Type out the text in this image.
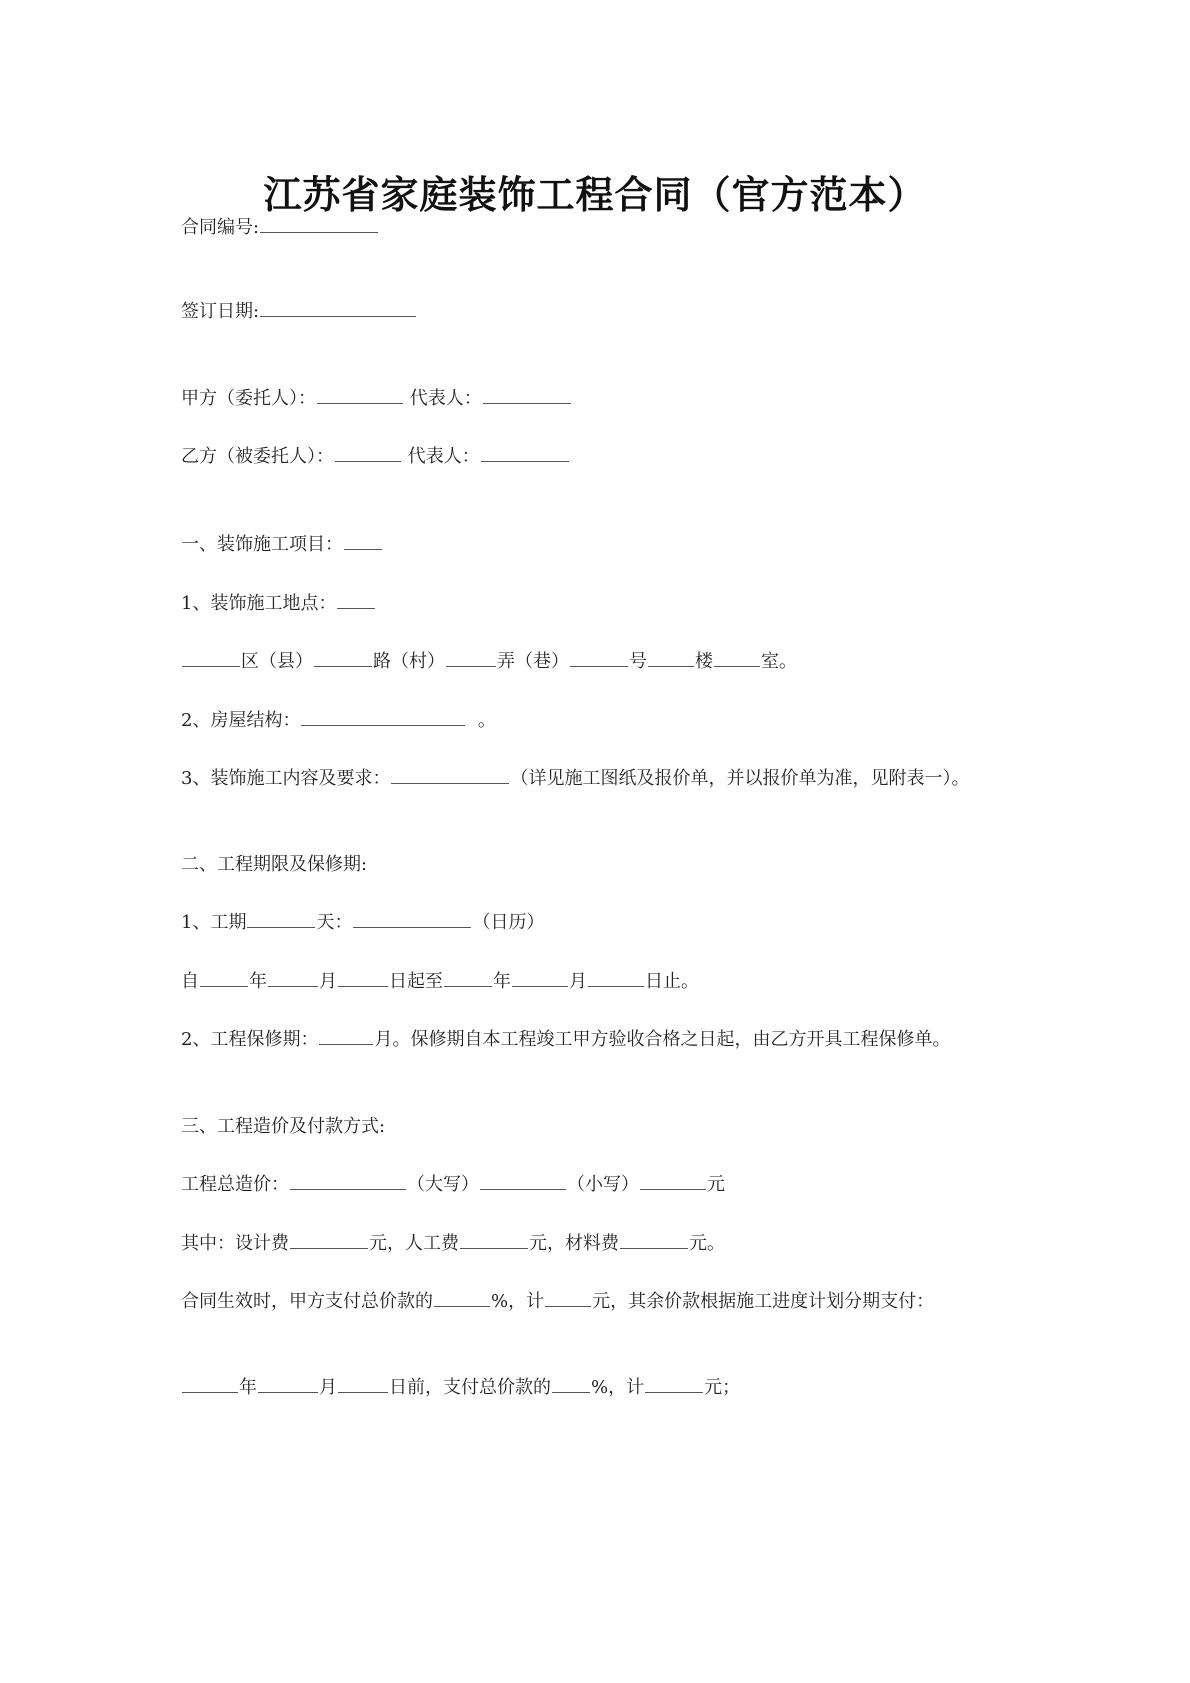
江苏省家庭装饰工程合同（官方范本）
合同编号:
签订日期:
甲方（委托人）：	代表人：
乙方（被委托人）：	代表人：
一、装饰施工项目：
1、装饰施工地点：
区（县）	路（村）	弄（巷）	号	楼	室。
2、房屋结构：	。
3、装饰施工内容及要求：	（详见施工图纸及报价单，并以报价单为准，见附表一）。
二、工程期限及保修期:
1、工期	天：	（日历）
自	年	月	日起至	年	月	日止。
2、工程保修期：	月。保修期自本工程竣工甲方验收合格之日起，由乙方开具工程保修单。
三、工程造价及付款方式:
工程总造价：	（大写）	（小写）	元
其中：设计费	元，人工费	元，材料费	元。
合同生效时，甲方支付总价款的	%，计	元，其余价款根据施工进度计划分期支付：
年	月	日前，支付总价款的 %，计	元；
